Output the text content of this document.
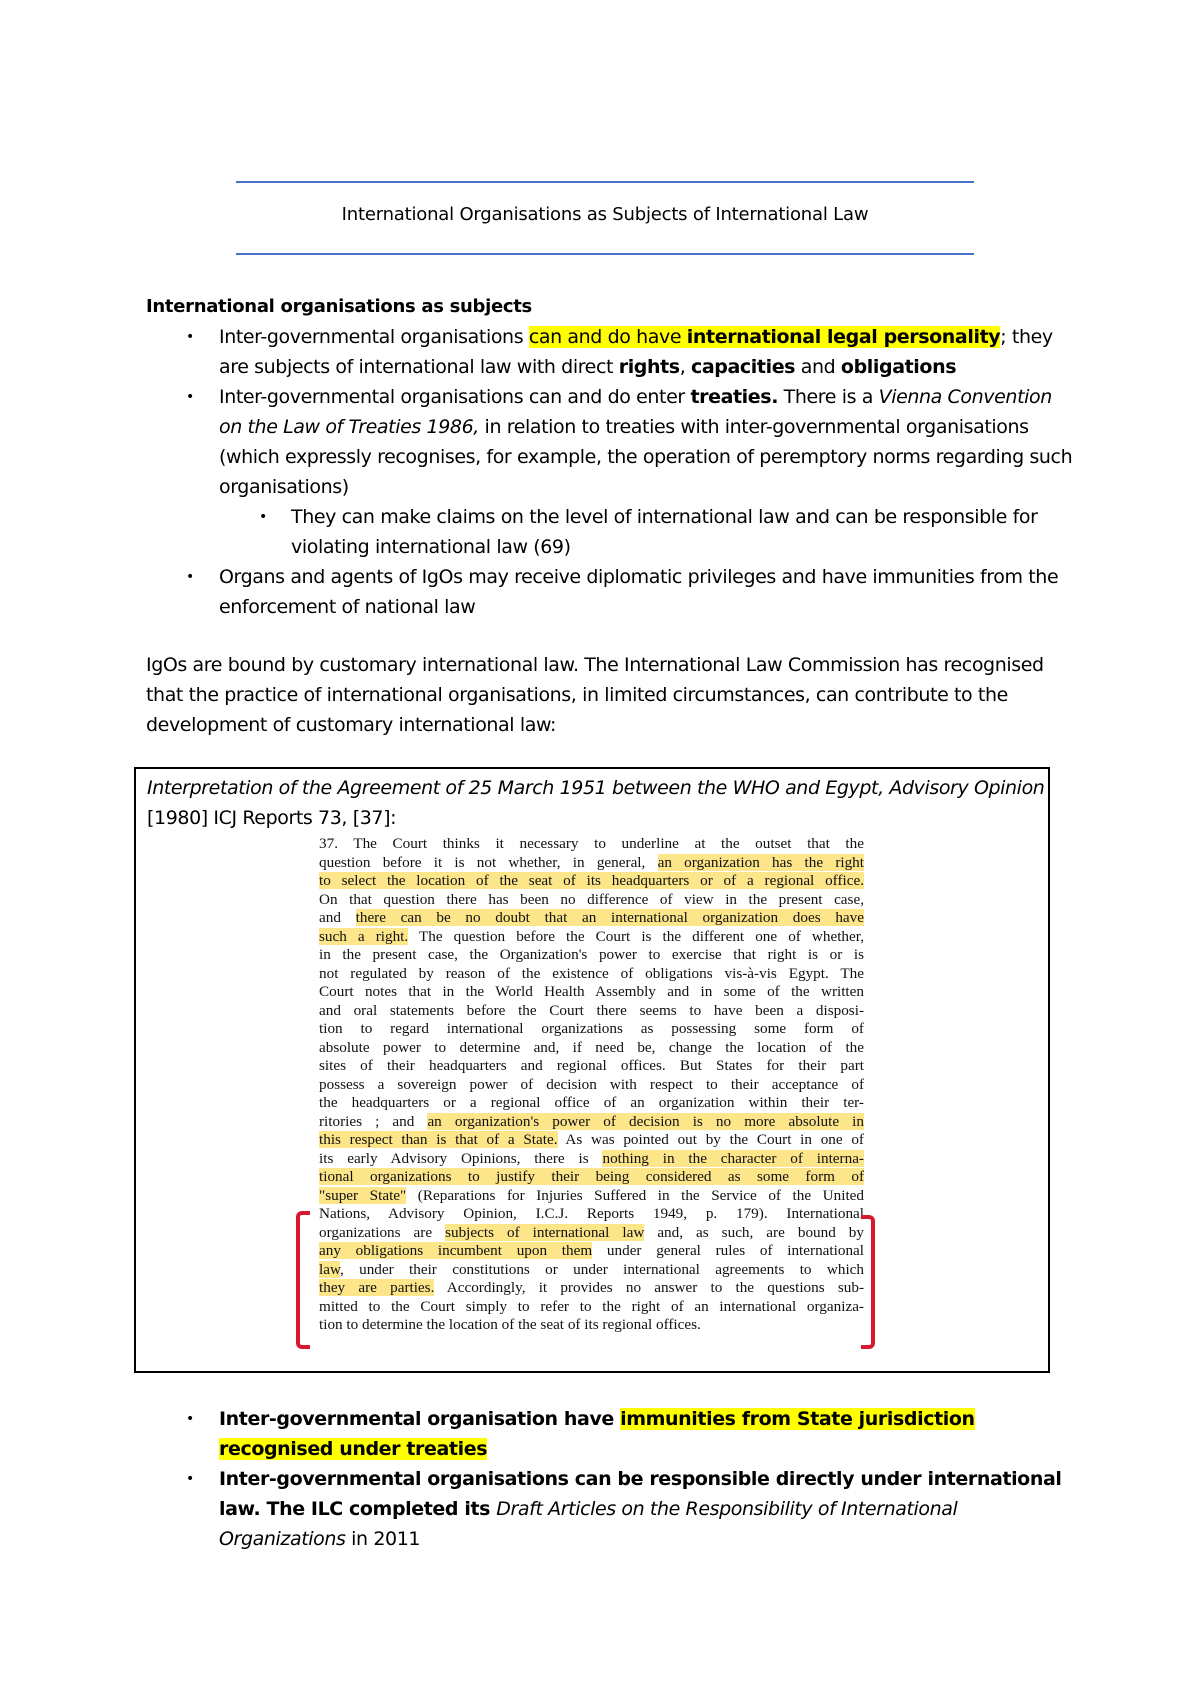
International Organisations as Subjects of International Law
International organisations as subjects
• Inter-governmental organisations can and do have international legal personality; they are subjects of international law with direct rights, capacities and obligations
• Inter-governmental organisations can and do enter treaties. There is a Vienna Convention on the Law of Treaties 1986, in relation to treaties with inter-governmental organisations (which expressly recognises, for example, the operation of peremptory norms regarding such organisations)
• They can make claims on the level of international law and can be responsible for violating international law (69)
• Organs and agents of IgOs may receive diplomatic privileges and have immunities from the enforcement of national law
IgOs are bound by customary international law. The International Law Commission has recognised that the practice of international organisations, in limited circumstances, can contribute to the development of customary international law:
Interpretation of the Agreement of 25 March 1951 between the WHO and Egypt, Advisory Opinion [1980] ICJ Reports 73, [37]:
37. The Court thinks it necessary to underline at the outset that the
question before it is not whether, in general, an organization has the right
to select the location of the seat of its headquarters or of a regional office.
On that question there has been no difference of view in the present case,
and there can be no doubt that an international organization does have
such a right. The question before the Court is the different one of whether,
in the present case, the Organization's power to exercise that right is or is
not regulated by reason of the existence of obligations vis-à-vis Egypt. The
Court notes that in the World Health Assembly and in some of the written
and oral statements before the Court there seems to have been a disposi-
tion to regard international organizations as possessing some form of
absolute power to determine and, if need be, change the location of the
sites of their headquarters and regional offices. But States for their part
possess a sovereign power of decision with respect to their acceptance of
the headquarters or a regional office of an organization within their ter-
ritories ; and an organization's power of decision is no more absolute in
this respect than is that of a State. As was pointed out by the Court in one of
its early Advisory Opinions, there is nothing in the character of interna-
tional organizations to justify their being considered as some form of
"super State" (Reparations for Injuries Suffered in the Service of the United
Nations, Advisory Opinion, I.C.J. Reports 1949, p. 179). International
organizations are subjects of international law and, as such, are bound by
any obligations incumbent upon them under general rules of international
law, under their constitutions or under international agreements to which
they are parties. Accordingly, it provides no answer to the questions sub-
mitted to the Court simply to refer to the right of an international organiza-
tion to determine the location of the seat of its regional offices.
• Inter-governmental organisation have immunities from State jurisdiction recognised under treaties
• Inter-governmental organisations can be responsible directly under international law. The ILC completed its Draft Articles on the Responsibility of International Organizations in 2011
